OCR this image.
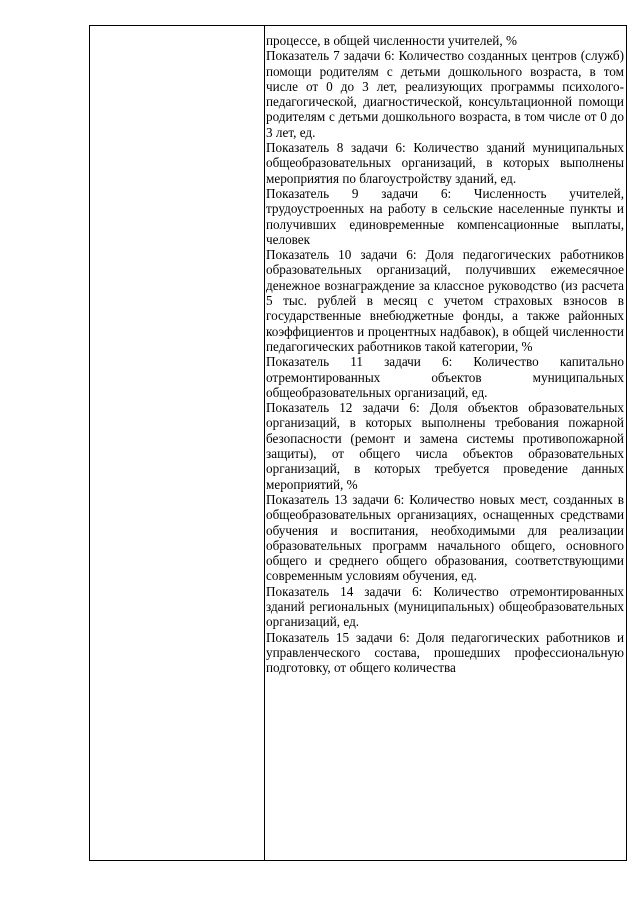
процессе, в общей численности учителей, %

Показатель 7 задачи 6: Количество созданных центров (служб) помощи родителям с детьми дошкольного возраста, в том числе от 0 до 3 лет, реализующих программы психолого-педагогической, диагностической, консультационной помощи родителям с детьми дошкольного возраста, в том числе от 0 до 3 лет, ед.

Показатель 8 задачи 6: Количество зданий муниципальных общеобразовательных организаций, в которых выполнены мероприятия по благоустройству зданий, ед.

Показатель 9 задачи 6: Численность учителей, трудоустроенных на работу в сельские населенные пункты и получивших единовременные компенсационные выплаты, человек

Показатель 10 задачи 6: Доля педагогических работников образовательных организаций, получивших ежемесячное денежное вознаграждение за классное руководство (из расчета 5 тыс. рублей в месяц с учетом страховых взносов в государственные внебюджетные фонды, а также районных коэффициентов и процентных надбавок), в общей численности педагогических работников такой категории, %

Показатель 11 задачи 6: Количество капитально отремонтированных объектов муниципальных общеобразовательных организаций, ед.

Показатель 12 задачи 6: Доля объектов образовательных организаций, в которых выполнены требования пожарной безопасности (ремонт и замена системы противопожарной защиты), от общего числа объектов образовательных организаций, в которых требуется проведение данных мероприятий, %

Показатель 13 задачи 6: Количество новых мест, созданных в общеобразовательных организациях, оснащенных средствами обучения и воспитания, необходимыми для реализации образовательных программ начального общего, основного общего и среднего общего образования, соответствующими современным условиям обучения, ед.

Показатель 14 задачи 6: Количество отремонтированных зданий региональных (муниципальных) общеобразовательных организаций, ед.

Показатель 15 задачи 6: Доля педагогических работников и управленческого состава, прошедших профессиональную подготовку, от общего количества
